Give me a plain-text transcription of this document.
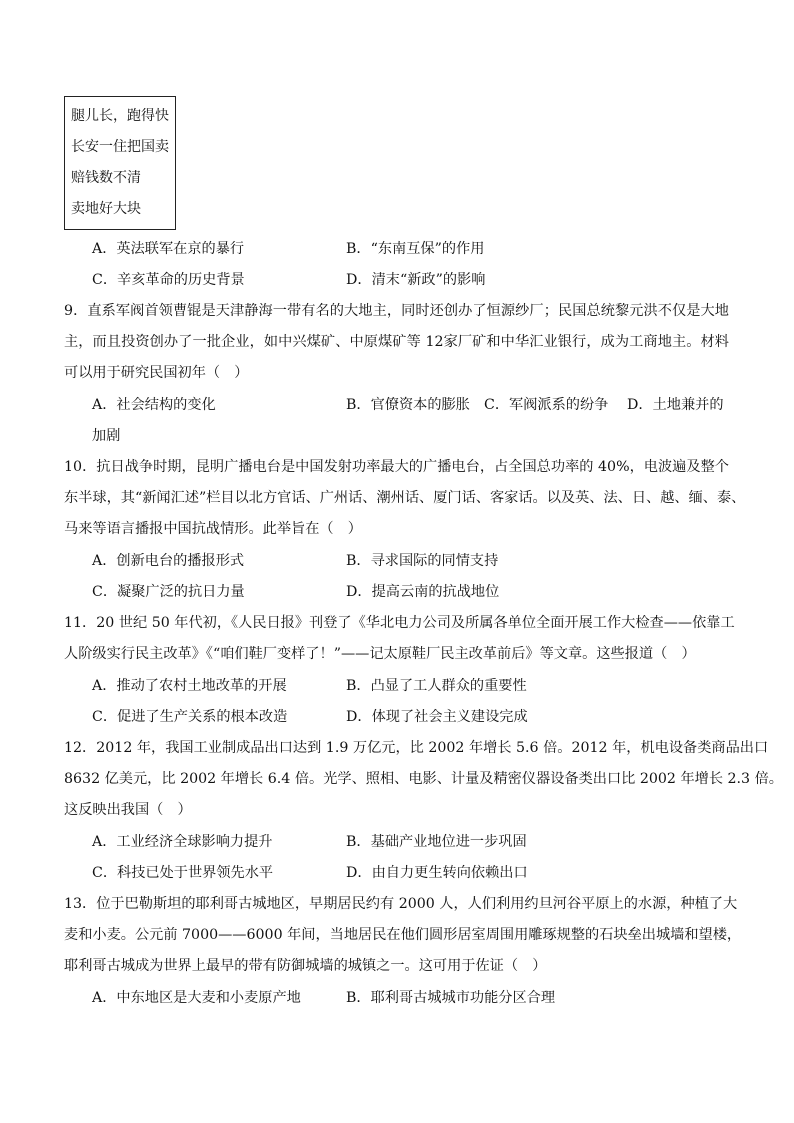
腿儿长，跑得快
长安一住把国卖
赔钱数不清
卖地好大块
A．英法联军在京的暴行	B．“东南互保”的作用
C．辛亥革命的历史背景	D．清末“新政”的影响
9．直系军阀首领曹锟是天津静海一带有名的大地主，同时还创办了恒源纱厂；民国总统黎元洪不仅是大地
主，而且投资创办了一批企业，如中兴煤矿、中原煤矿等 12家厂矿和中华汇业银行，成为工商地主。材料
可以用于研究民国初年（　）
A．社会结构的变化	B．官僚资本的膨胀 C．军阀派系的纷争 D．土地兼并的
加剧
10．抗日战争时期，昆明广播电台是中国发射功率最大的广播电台，占全国总功率的 40%，电波遍及整个
东半球，其“新闻汇述”栏目以北方官话、广州话、潮州话、厦门话、客家话。以及英、法、日、越、缅、泰、
马来等语言播报中国抗战情形。此举旨在（　）
A．创新电台的播报形式	B．寻求国际的同情支持
C．凝聚广泛的抗日力量	D．提高云南的抗战地位
11．20 世纪 50 年代初，《人民日报》刊登了《华北电力公司及所属各单位全面开展工作大检查——依靠工
人阶级实行民主改革》《“咱们鞋厂变样了！”——记太原鞋厂民主改革前后》等文章。这些报道（　）
A．推动了农村土地改革的开展	B．凸显了工人群众的重要性
C．促进了生产关系的根本改造	D．体现了社会主义建设完成
12．2012 年，我国工业制成品出口达到 1.9 万亿元，比 2002 年增长 5.6 倍。2012 年，机电设备类商品出口
8632 亿美元，比 2002 年增长 6.4 倍。光学、照相、电影、计量及精密仪器设备类出口比 2002 年增长 2.3 倍。
这反映出我国（　）
A．工业经济全球影响力提升	B．基础产业地位进一步巩固
C．科技已处于世界领先水平	D．由自力更生转向依赖出口
13．位于巴勒斯坦的耶利哥古城地区，早期居民约有 2000 人，人们利用约旦河谷平原上的水源，种植了大
麦和小麦。公元前 7000——6000 年间，当地居民在他们圆形居室周围用雕琢规整的石块垒出城墙和望楼，
耶利哥古城成为世界上最早的带有防御城墙的城镇之一。这可用于佐证（　）
A．中东地区是大麦和小麦原产地	B．耶利哥古城城市功能分区合理
